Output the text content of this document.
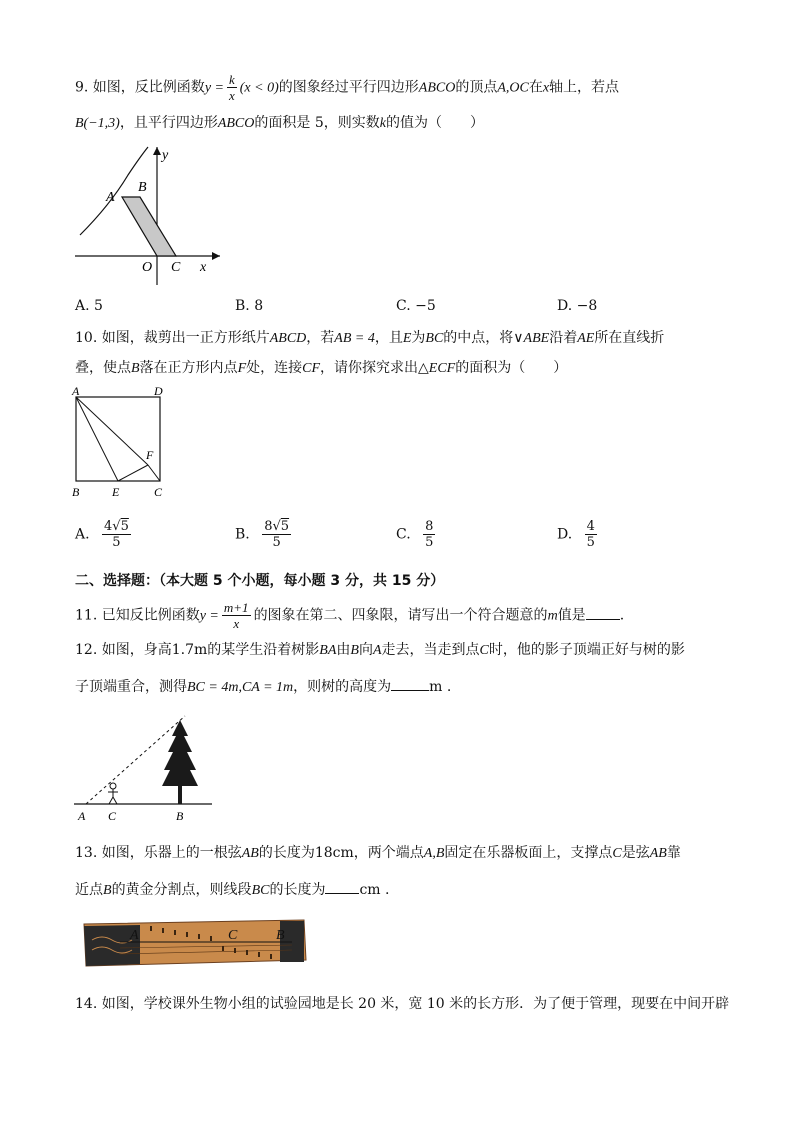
9. 如图，反比例函数$y = \frac{k}{x} (x < 0)$的图象经过平行四边形ABCO的顶点A,OC在x轴上，若点
B(−1,3)，且平行四边形ABCO的面积是 5，则实数k的值为（　　）
A
B
O C x
y
A. 5	B. 8	C. −5	D. −8
10. 如图，裁剪出一正方形纸片ABCD，若AB = 4，且E为BC的中点，将∨ABE沿着AE所在直线折
叠，使点B落在正方形内点F处，连接CF，请你探究求出△ECF的面积为（　　）
A	D
B	E	C
F
A. $\frac{4√5}{5}$	B. $\frac{8√5}{5}$	C. $\frac{8}{5}$	D. $\frac{4}{5}$
二、选择题：（本大题 5 个小题，每小题 3 分，共 15 分）
11. 已知反比例函数$y = \frac{m+1}{x}$ 的图象在第二、四象限，请写出一个符合题意的m值是 .
12. 如图，身高1.7m的某学生沿着树影BA由B向A走去，当走到点C时，他的影子顶端正好与树的影
子顶端重合，测得BC = 4m,CA = 1m，则树的高度为	m .
A C	B
13. 如图，乐器上的一根弦AB的长度为18cm，两个端点A,B固定在乐器板面上，支撑点C是弦AB靠
近点B的黄金分割点，则线段BC的长度为 cm .
A	C	B
14. 如图，学校课外生物小组的试验园地是长 20 米，宽 10 米的长方形．为了便于管理，现要在中间开辟
